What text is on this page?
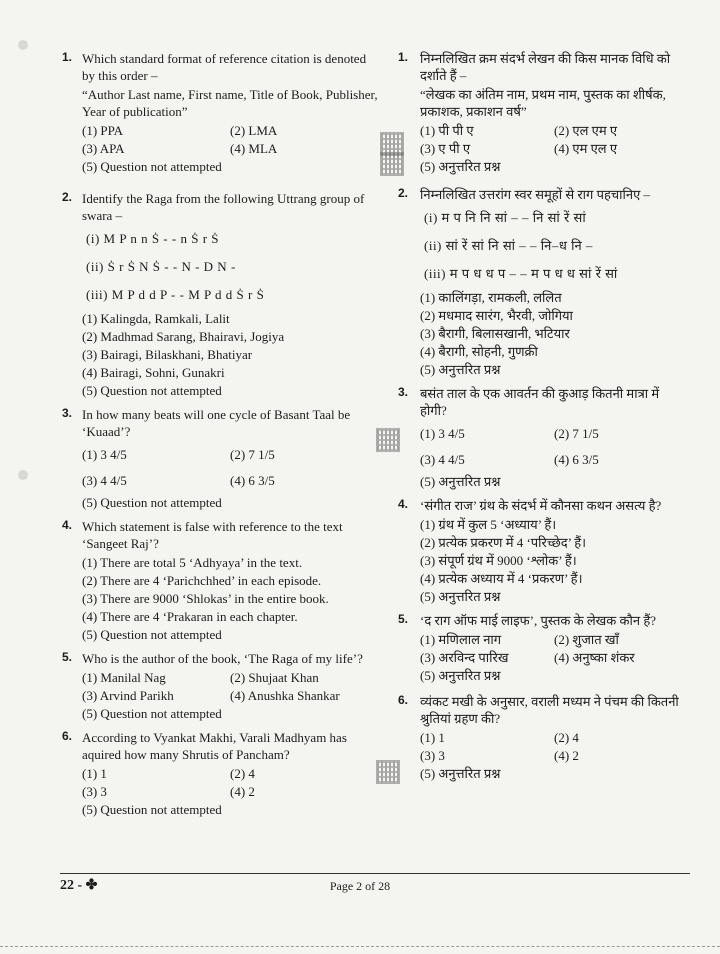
1. Which standard format of reference citation is denoted by this order –
“Author Last name, First name, Title of Book, Publisher, Year of publication”
(1) PPA	(2) LMA
(3) APA	(4) MLA
(5) Question not attempted
2. Identify the Raga from the following Uttrang group of swara –
(i) M P n n Ṡ - - n Ṡ r Ṡ
(ii) Ṡ r Ṡ N Ṡ - - N - D N -
(iii) M P d d P - - M P d d Ṡ r Ṡ
(1) Kalingda, Ramkali, Lalit
(2) Madhmad Sarang, Bhairavi, Jogiya
(3) Bairagi, Bilaskhani, Bhatiyar
(4) Bairagi, Sohni, Gunakri
(5) Question not attempted
3. In how many beats will one cycle of Basant Taal be ‘Kuaad’?
(1) 3 4/5	(2) 7 1/5
(3) 4 4/5	(4) 6 3/5
(5) Question not attempted
4. Which statement is false with reference to the text ‘Sangeet Raj’?
(1) There are total 5 ‘Adhyaya’ in the text.
(2) There are 4 ‘Parichchhed’ in each episode.
(3) There are 9000 ‘Shlokas’ in the entire book.
(4) There are 4 ‘Prakaran in each chapter.
(5) Question not attempted
5. Who is the author of the book, ‘The Raga of my life’?
(1) Manilal Nag	(2) Shujaat Khan
(3) Arvind Parikh	(4) Anushka Shankar
(5) Question not attempted
6. According to Vyankat Makhi, Varali Madhyam has aquired how many Shrutis of Pancham?
(1) 1	(2) 4
(3) 3	(4) 2
(5) Question not attempted
1. निम्नलिखित क्रम संदर्भ लेखन की किस मानक विधि को दर्शाते हैं –
“लेखक का अंतिम नाम, प्रथम नाम, पुस्तक का शीर्षक, प्रकाशक, प्रकाशन वर्ष”
(1) पी पी ए	(2) एल एम ए
(3) ए पी ए	(4) एम एल ए
(5) अनुत्तरित प्रश्न
2. निम्नलिखित उत्तरांग स्वर समूहों से राग पहचानिए –
(i) म प नि नि सां – – नि सां रें सां
(ii) सां रें सां नि सां – – नि–ध नि –
(iii) म प ध ध प – – म प ध ध सां रें सां
(1) कालिंगड़ा, रामकली, ललित
(2) मधमाद सारंग, भैरवी, जोगिया
(3) बैरागी, बिलासखानी, भटियार
(4) बैरागी, सोहनी, गुणक्री
(5) अनुत्तरित प्रश्न
3. बसंत ताल के एक आवर्तन की कुआड़ कितनी मात्रा में होगी?
(1) 3 4/5	(2) 7 1/5
(3) 4 4/5	(4) 6 3/5
(5) अनुत्तरित प्रश्न
4. ‘संगीत राज’ ग्रंथ के संदर्भ में कौनसा कथन असत्य है?
(1) ग्रंथ में कुल 5 ‘अध्याय’ हैं।
(2) प्रत्येक प्रकरण में 4 ‘परिच्छेद’ हैं।
(3) संपूर्ण ग्रंथ में 9000 ‘श्लोक’ हैं।
(4) प्रत्येक अध्याय में 4 ‘प्रकरण’ हैं।
(5) अनुत्तरित प्रश्न
5. ‘द राग ऑफ माई लाइफ’, पुस्तक के लेखक कौन हैं?
(1) मणिलाल नाग	(2) शुजात खाँ
(3) अरविन्द पारिख	(4) अनुष्का शंकर
(5) अनुत्तरित प्रश्न
6. व्यंकट मखी के अनुसार, वराली मध्यम ने पंचम की कितनी श्रुतियां ग्रहण की?
(1) 1	(2) 4
(3) 3	(4) 2
(5) अनुत्तरित प्रश्न
22 - ✤	Page 2 of 28
